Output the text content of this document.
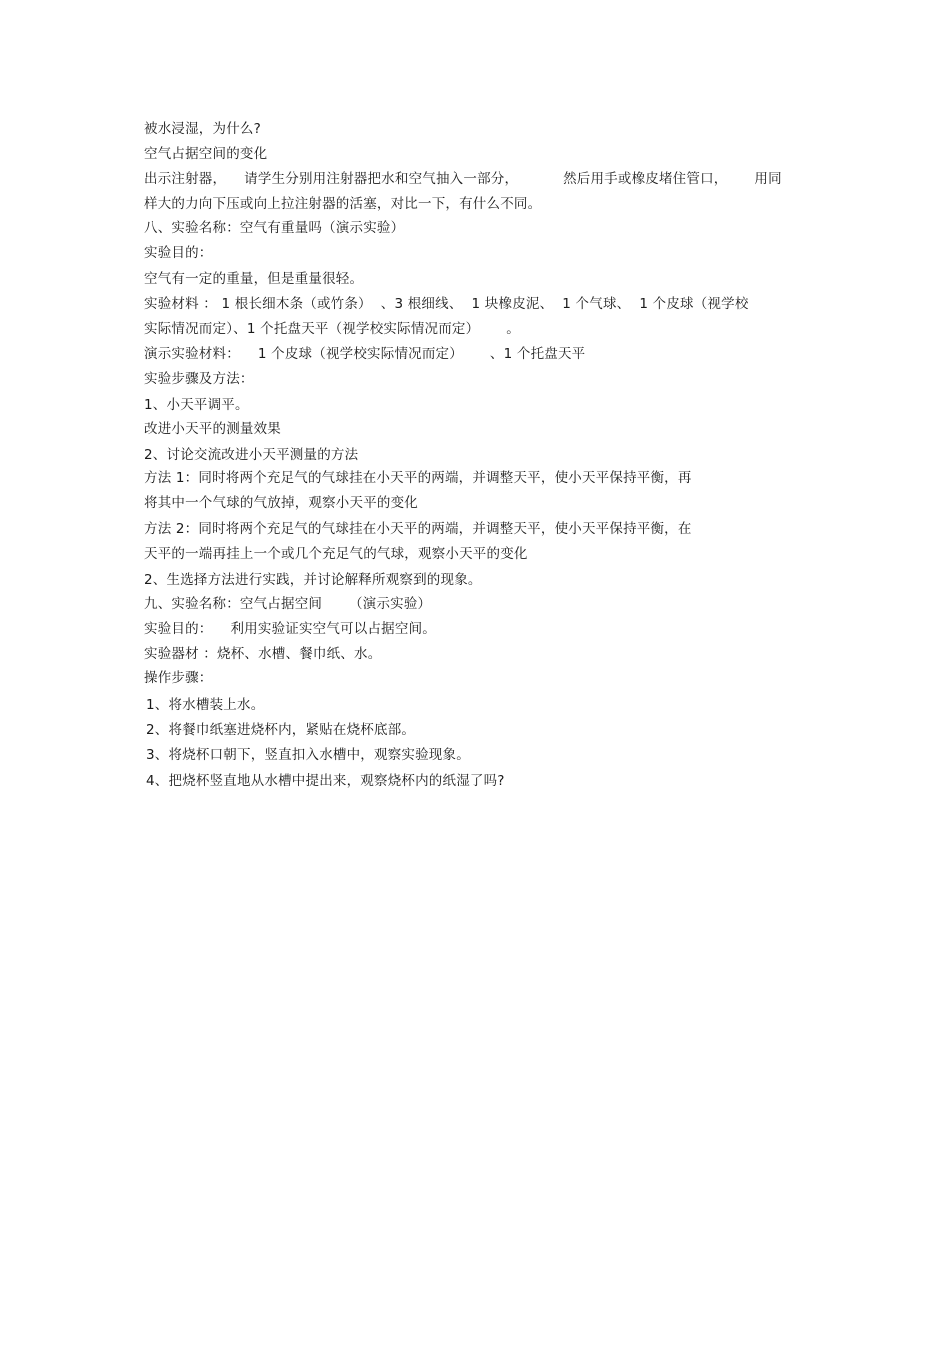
被水浸湿，为什么?
空气占据空间的变化
出示注射器，    请学生分别用注射器把水和空气抽入一部分，          然后用手或橡皮堵住管口，      用同
样大的力向下压或向上拉注射器的活塞，对比一下，有什么不同。
八、实验名称：空气有重量吗（演示实验）
实验目的：
空气有一定的重量，但是重量很轻。
实验材料 ： 1 根长细木条（或竹条）  、3 根细线、  1 块橡皮泥、  1 个气球、  1 个皮球（视学校
实际情况而定）、1 个托盘天平（视学校实际情况而定）      。
演示实验材料：    1 个皮球（视学校实际情况而定）      、1 个托盘天平
实验步骤及方法：
1、小天平调平。
改进小天平的测量效果
2、讨论交流改进小天平测量的方法
方法 1：同时将两个充足气的气球挂在小天平的两端，并调整天平，使小天平保持平衡，再
将其中一个气球的气放掉，观察小天平的变化
方法 2：同时将两个充足气的气球挂在小天平的两端，并调整天平，使小天平保持平衡，在
天平的一端再挂上一个或几个充足气的气球，观察小天平的变化
2、生选择方法进行实践，并讨论解释所观察到的现象。
九、实验名称：空气占据空间      （演示实验）
实验目的：    利用实验证实空气可以占据空间。
实验器材 ：烧杯、水槽、餐巾纸、水。
操作步骤：
1、将水槽装上水。
2、将餐巾纸塞进烧杯内，紧贴在烧杯底部。
3、将烧杯口朝下，竖直扣入水槽中，观察实验现象。
4、把烧杯竖直地从水槽中提出来，观察烧杯内的纸湿了吗?
